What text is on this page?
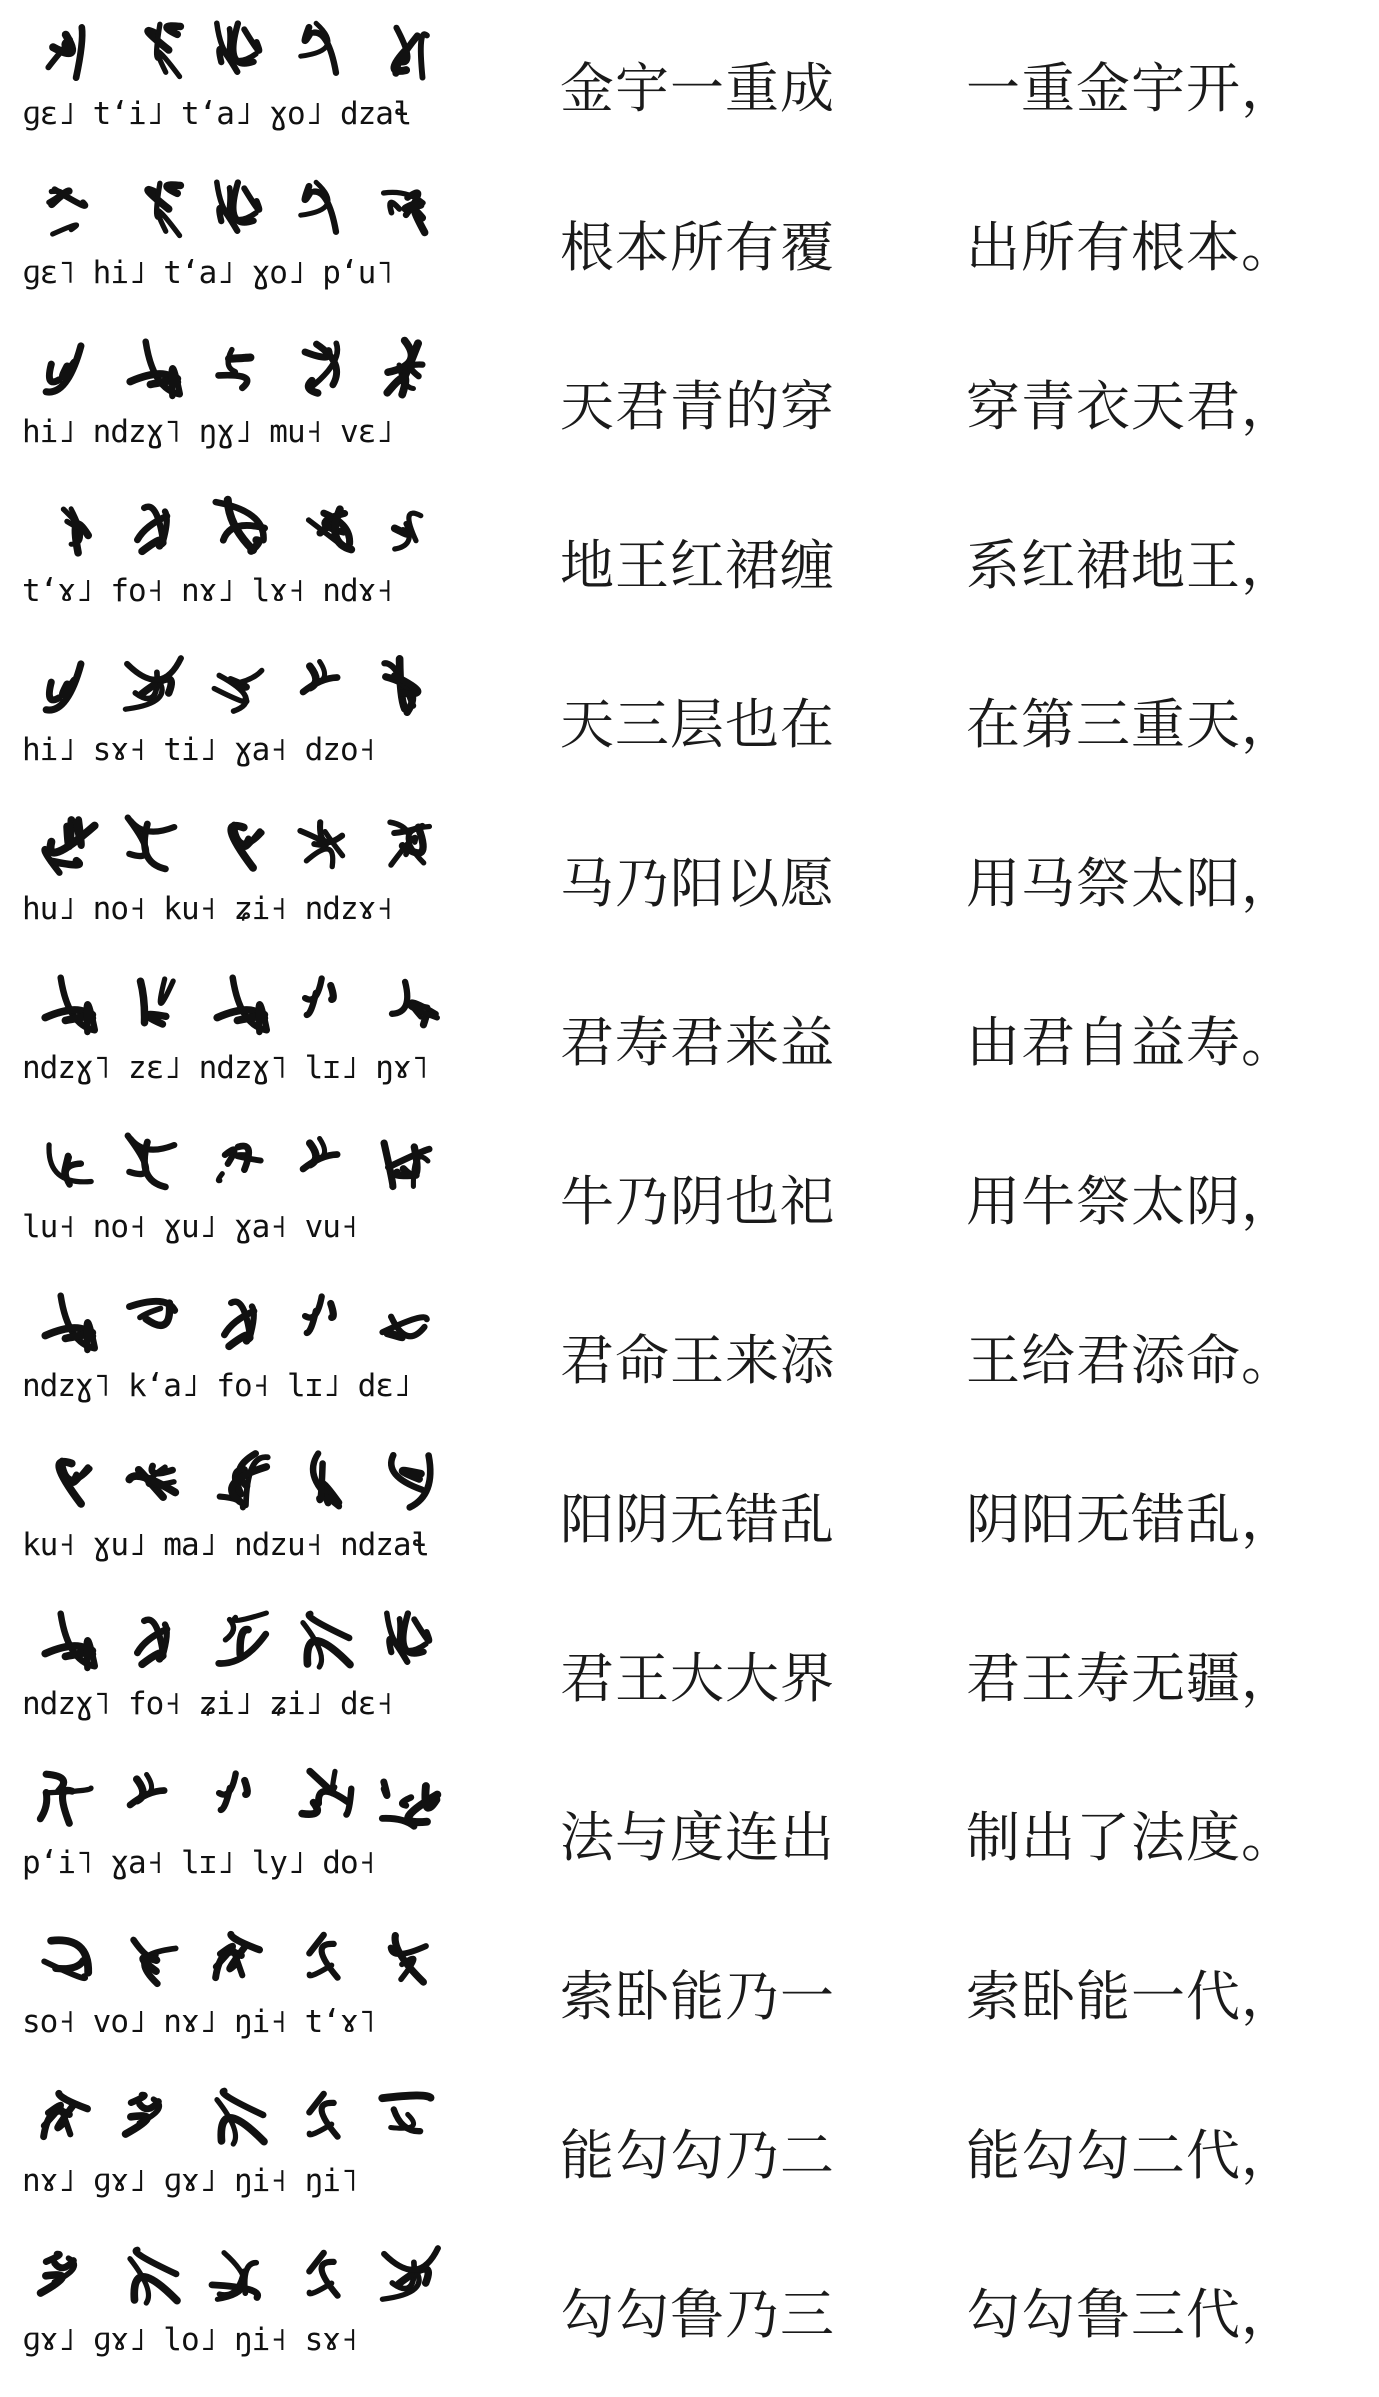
ɡɛ˩ tʻi˩ tʻa˩ ɣo˩ dzaɬ	金宇一重成	一重金宇开，
ɡɛ˥ hi˩ tʻa˩ ɣo˩ pʻu˥	根本所有覆	出所有根本。
hi˩ ndzɣ˥ ŋɣ˩ mu˧ vɛ˩	天君青的穿	穿青衣天君，
tʻɤ˩ fo˧ nɤ˩ lɤ˧ ndɤ˧	地王红裙缠	系红裙地王，
hi˩ sɤ˧ ti˩ ɣa˧ dzo˧	天三层也在	在第三重天，
hu˩ no˧ ku˧ ʑi˧ ndzɤ˧	马乃阳以愿	用马祭太阳，
ndzɣ˥ zɛ˩ ndzɣ˥ lɪ˩ ŋɤ˥	君寿君来益	由君自益寿。
lu˧ no˧ ɣu˩ ɣa˧ vu˧	牛乃阴也祀	用牛祭太阴，
ndzɣ˥ kʻa˩ fo˧ lɪ˩ dɛ˩	君命王来添	王给君添命。
ku˧ ɣu˩ ma˩ ndzu˧ ndzaɬ	阳阴无错乱	阴阳无错乱，
ndzɣ˥ fo˧ ʑi˩ ʑi˩ dɛ˧	君王大大界	君王寿无疆，
pʻi˥ ɣa˧ lɪ˩ ly˩ do˧	法与度连出	制出了法度。
so˧ vo˩ nɤ˩ ŋi˧ tʻɤ˥	索卧能乃一	索卧能一代，
nɤ˩ ɡɤ˩ ɡɤ˩ ŋi˧ ŋi˥	能勾勾乃二	能勾勾二代，
ɡɤ˩ ɡɤ˩ lo˩ ŋi˧ sɤ˧	勾勾鲁乃三	勾勾鲁三代，
